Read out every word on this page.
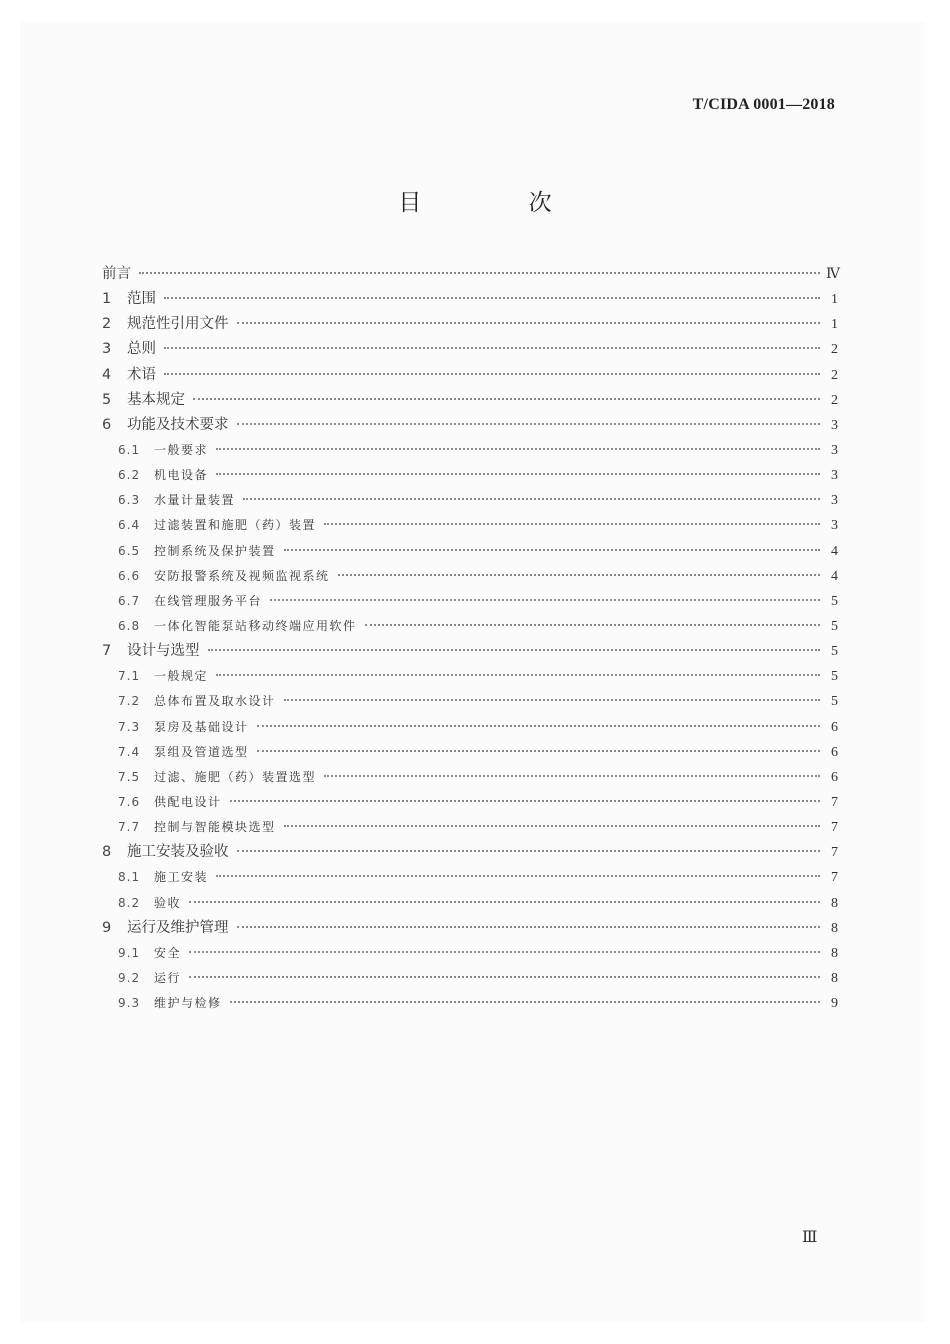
T/CIDA 0001—2018
目 次
前言	Ⅳ
1	范围	1
2	规范性引用文件	1
3	总则	2
4	术语	2
5	基本规定	2
6	功能及技术要求	3
6.1	一般要求	3
6.2	机电设备	3
6.3	水量计量装置	3
6.4	过滤装置和施肥（药）装置	3
6.5	控制系统及保护装置	4
6.6	安防报警系统及视频监视系统	4
6.7	在线管理服务平台	5
6.8	一体化智能泵站移动终端应用软件	5
7	设计与选型	5
7.1	一般规定	5
7.2	总体布置及取水设计	5
7.3	泵房及基础设计	6
7.4	泵组及管道选型	6
7.5	过滤、施肥（药）装置选型	6
7.6	供配电设计	7
7.7	控制与智能模块选型	7
8	施工安装及验收	7
8.1	施工安装	7
8.2	验收	8
9	运行及维护管理	8
9.1	安全	8
9.2	运行	8
9.3	维护与检修	9
Ⅲ
